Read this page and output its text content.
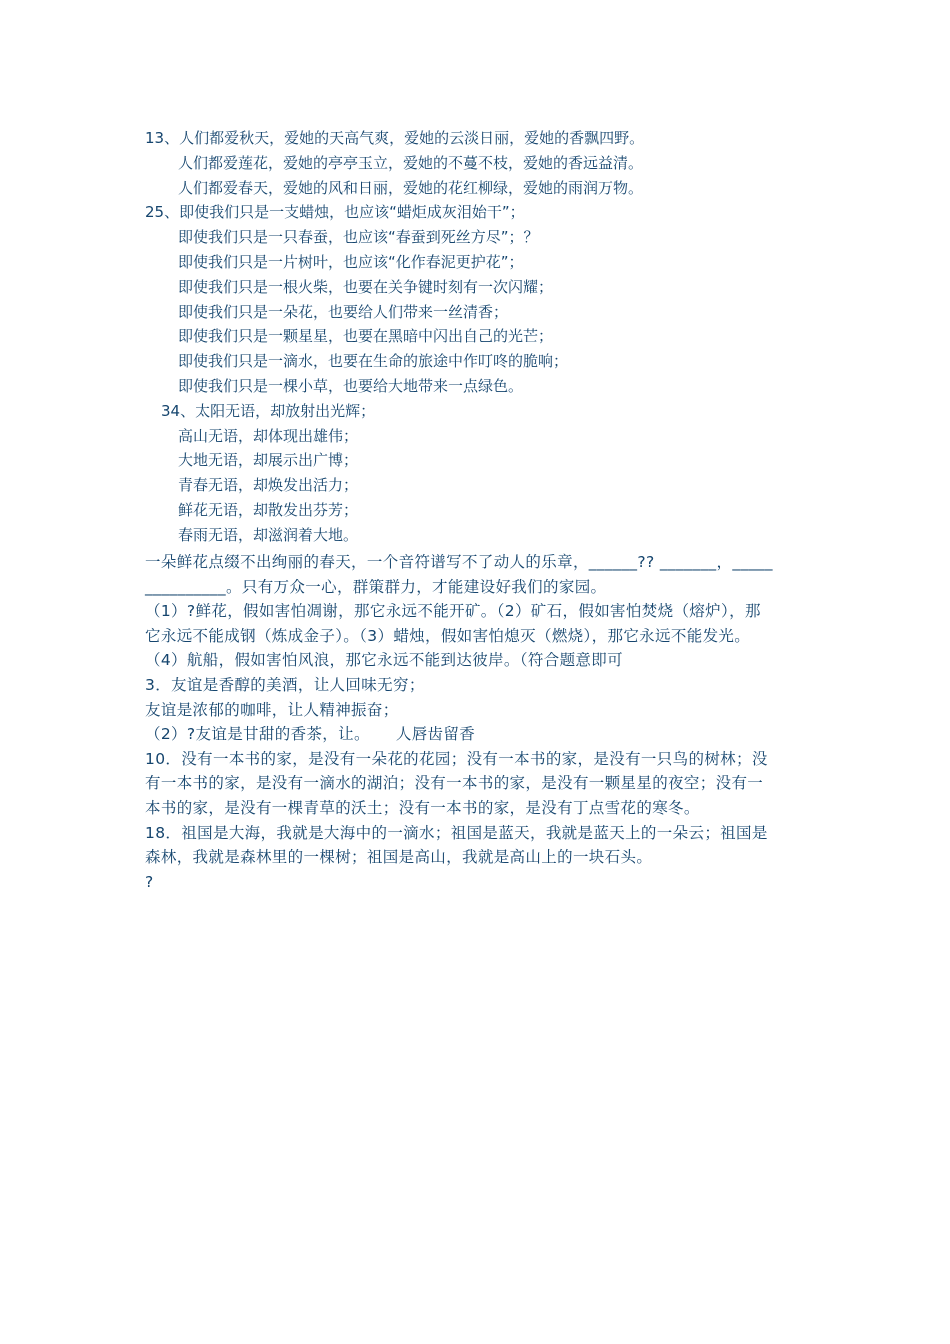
13、人们都爱秋天，爱她的天高气爽，爱她的云淡日丽，爱她的香飘四野。
人们都爱莲花，爱她的亭亭玉立，爱她的不蔓不枝，爱她的香远益清。
人们都爱春天，爱她的风和日丽，爱她的花红柳绿，爱她的雨润万物。
25、即使我们只是一支蜡烛，也应该“蜡炬成灰泪始干”；
即使我们只是一只春蚕，也应该“春蚕到死丝方尽”；？
即使我们只是一片树叶，也应该“化作春泥更护花”；
即使我们只是一根火柴，也要在关争键时刻有一次闪耀；
即使我们只是一朵花，也要给人们带来一丝清香；
即使我们只是一颗星星，也要在黑暗中闪出自己的光芒；
即使我们只是一滴水，也要在生命的旅途中作叮咚的脆响；
即使我们只是一棵小草，也要给大地带来一点绿色。
34、太阳无语，却放射出光辉；
高山无语，却体现出雄伟；
大地无语，却展示出广博；
青春无语，却焕发出活力；
鲜花无语，却散发出芬芳；
春雨无语，却滋润着大地。
一朵鲜花点缀不出绚丽的春天，一个音符谱写不了动人的乐章，______?? _______，_____
__________。只有万众一心，群策群力，才能建设好我们的家园。
（1）?鲜花，假如害怕凋谢，那它永远不能开矿。（2）矿石，假如害怕焚烧（熔炉），那
它永远不能成钢（炼成金子）。（3）蜡烛，假如害怕熄灭（燃烧），那它永远不能发光。
（4）航船，假如害怕风浪，那它永远不能到达彼岸。（符合题意即可
3．友谊是香醇的美酒，让人回味无穷；
友谊是浓郁的咖啡，让人精神振奋；
（2）?友谊是甘甜的香茶，让。 人唇齿留香
10．没有一本书的家，是没有一朵花的花园；没有一本书的家，是没有一只鸟的树林；没
有一本书的家，是没有一滴水的湖泊；没有一本书的家，是没有一颗星星的夜空；没有一
本书的家，是没有一棵青草的沃土；没有一本书的家，是没有丁点雪花的寒冬。
18．祖国是大海，我就是大海中的一滴水；祖国是蓝天，我就是蓝天上的一朵云；祖国是
森林，我就是森林里的一棵树；祖国是高山，我就是高山上的一块石头。
?
